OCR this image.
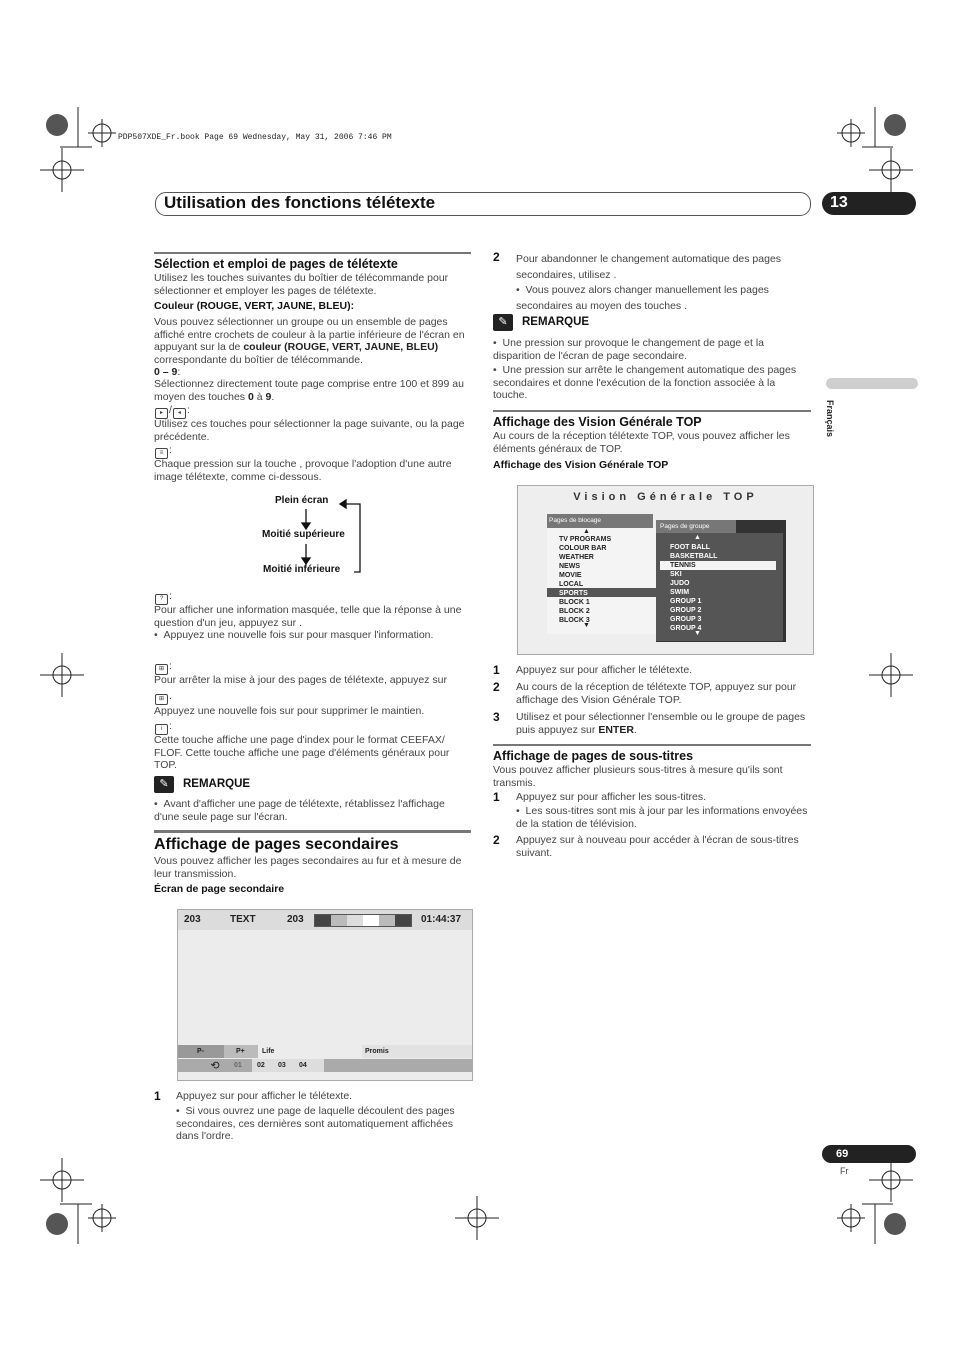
PDP507XDE_Fr.book Page 69 Wednesday, May 31, 2006 7:46 PM
Utilisation des fonctions télétexte	13
Français
Sélection et emploi de pages de télétexte
Utilisez les touches suivantes du boîtier de télécommande pour sélectionner et employer les pages de télétexte.
Couleur (ROUGE, VERT, JAUNE, BLEU):
Vous pouvez sélectionner un groupe ou un ensemble de pages affiché entre crochets de couleur à la partie inférieure de l'écran en appuyant sur la de couleur (ROUGE, VERT, JAUNE, BLEU) correspondante du boîtier de télécommande.
0 – 9:
Sélectionnez directement toute page comprise entre 100 et 899 au moyen des touches 0 à 9.
▸ / ◂ :
Utilisez ces touches pour sélectionner la page suivante, ou la page précédente.
≡ :
Chaque pression sur la touche , provoque l'adoption d'une autre image télétexte, comme ci-dessous.
Plein écran
Moitié supérieure
Moitié inférieure
? :
Pour afficher une information masquée, telle que la réponse à une question d'un jeu, appuyez sur .
•  Appuyez une nouvelle fois sur pour masquer l'information.
⊞ :
Pour arrêter la mise à jour des pages de télétexte, appuyez sur
⊞ .
Appuyez une nouvelle fois sur pour supprimer le maintien.
i :
Cette touche affiche une page d'index pour le format CEEFAX/ FLOF. Cette touche affiche une page d'éléments généraux pour TOP.
✎	REMARQUE
•  Avant d'afficher une page de télétexte, rétablissez l'affichage d'une seule page sur l'écran.
Affichage de pages secondaires
Vous pouvez afficher les pages secondaires au fur et à mesure de leur transmission.
Écran de page secondaire
203	TEXT	203	01:44:37
P-	P+ Life	Promis
⟲	01 02 03 04
1 Appuyez sur pour afficher le télétexte.
•  Si vous ouvrez une page de laquelle découlent des pages secondaires, ces dernières sont automatiquement affichées dans l'ordre.
2 Pour abandonner le changement automatique des pages secondaires, utilisez .
•  Vous pouvez alors changer manuellement les pages secondaires au moyen des touches .
✎	REMARQUE
•  Une pression sur provoque le changement de page et la disparition de l'écran de page secondaire.
•  Une pression sur arrête le changement automatique des pages secondaires et donne l'exécution de la fonction associée à la touche.
Affichage des Vision Générale TOP
Au cours de la réception télétexte TOP, vous pouvez afficher les éléments généraux de TOP.
Affichage des Vision Générale TOP
Vision Générale TOP
Pages de blocage
▲
▼
TV PROGRAMS
COLOUR BAR
WEATHER
NEWS
MOVIE
LOCAL
SPORTS
BLOCK 1
BLOCK 2
BLOCK 3
Pages de groupe
▲
▼
FOOT BALL
BASKETBALL
TENNIS
SKI
JUDO
SWIM
GROUP 1
GROUP 2
GROUP 3
GROUP 4
1 Appuyez sur pour afficher le télétexte.
2 Au cours de la réception de télétexte TOP, appuyez sur pour affichage des Vision Générale TOP.
3 Utilisez et pour sélectionner l'ensemble ou le groupe de pages puis appuyez sur ENTER.
Affichage de pages de sous-titres
Vous pouvez afficher plusieurs sous-titres à mesure qu'ils sont transmis.
1 Appuyez sur pour afficher les sous-titres.
•  Les sous-titres sont mis à jour par les informations envoyées de la station de télévision.
2 Appuyez sur à nouveau pour accéder à l'écran de sous-titres suivant.
69
Fr
